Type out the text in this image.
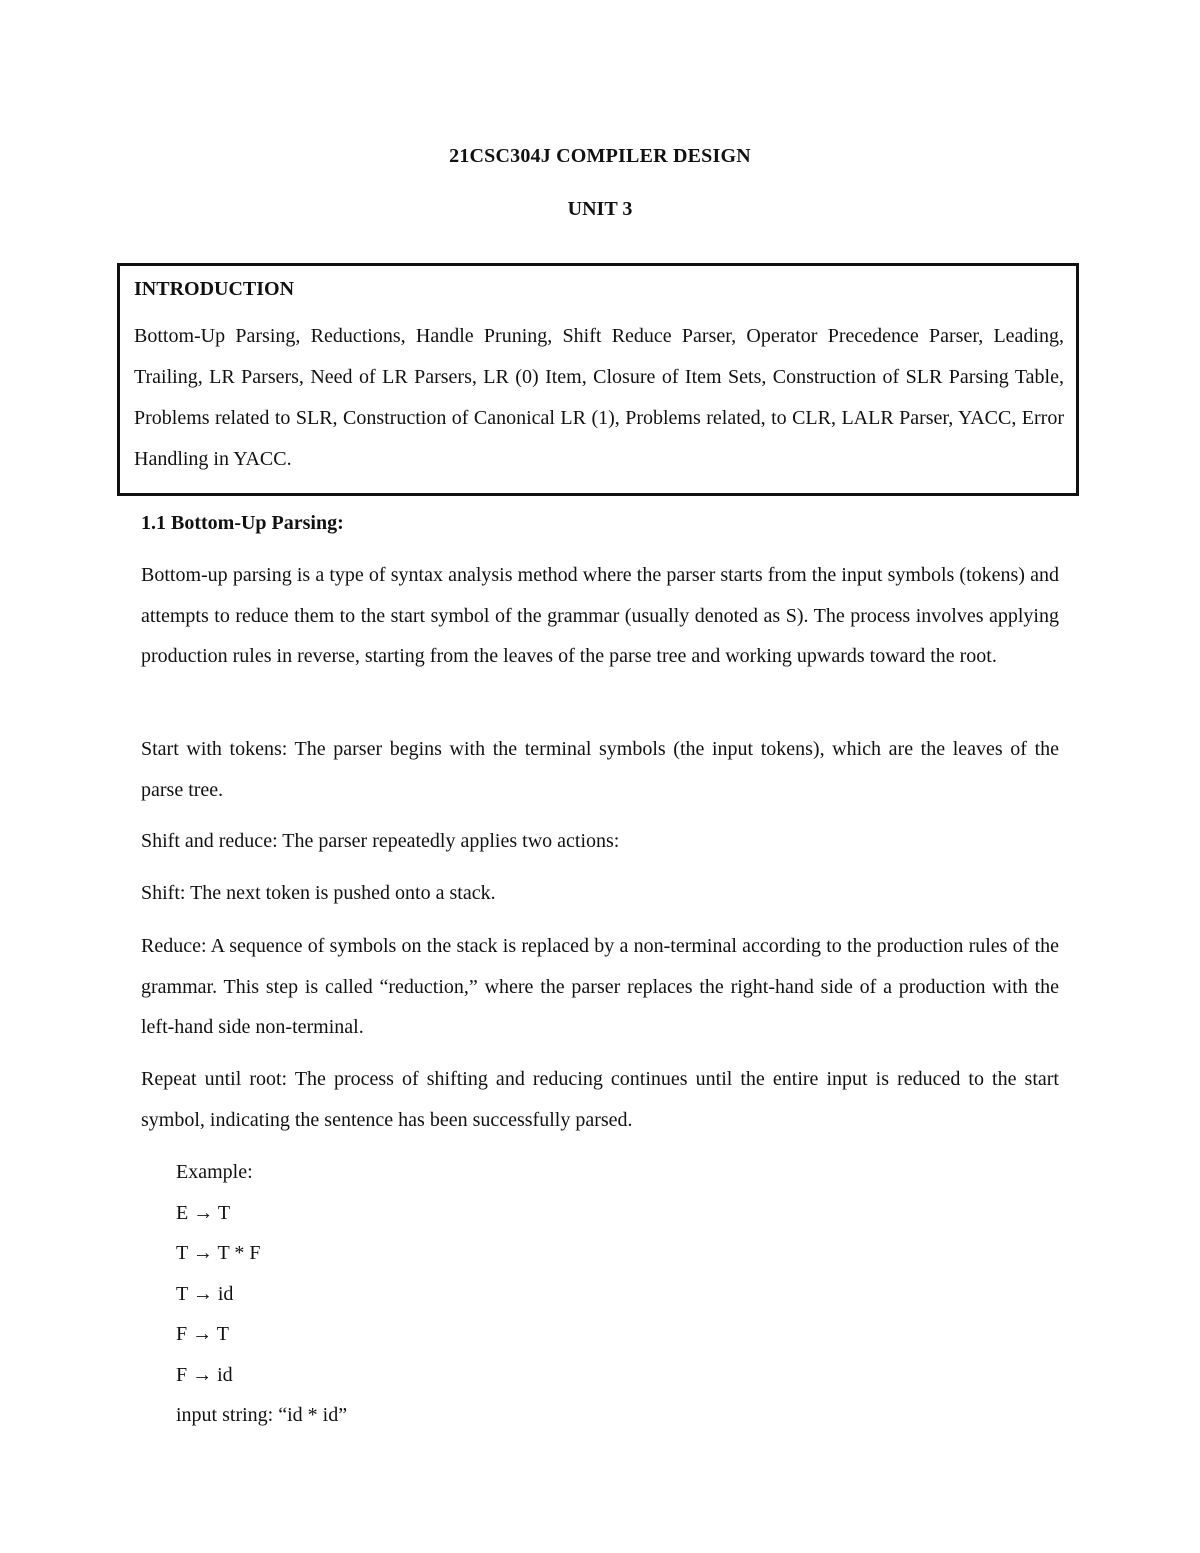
21CSC304J COMPILER DESIGN
UNIT 3
INTRODUCTION
Bottom-Up Parsing, Reductions, Handle Pruning, Shift Reduce Parser, Operator Precedence Parser, Leading, Trailing, LR Parsers, Need of LR Parsers, LR (0) Item, Closure of Item Sets, Construction of SLR Parsing Table, Problems related to SLR, Construction of Canonical LR (1), Problems related, to CLR, LALR Parser, YACC, Error Handling in YACC.
1.1 Bottom-Up Parsing:
Bottom-up parsing is a type of syntax analysis method where the parser starts from the input symbols (tokens) and attempts to reduce them to the start symbol of the grammar (usually denoted as S). The process involves applying production rules in reverse, starting from the leaves of the parse tree and working upwards toward the root.
Start with tokens: The parser begins with the terminal symbols (the input tokens), which are the leaves of the parse tree.
Shift and reduce: The parser repeatedly applies two actions:
Shift: The next token is pushed onto a stack.
Reduce: A sequence of symbols on the stack is replaced by a non-terminal according to the production rules of the grammar. This step is called “reduction,” where the parser replaces the right-hand side of a production with the left-hand side non-terminal.
Repeat until root: The process of shifting and reducing continues until the entire input is reduced to the start symbol, indicating the sentence has been successfully parsed.
Example:
E → T
T → T * F
T → id
F → T
F → id
input string: “id * id”
